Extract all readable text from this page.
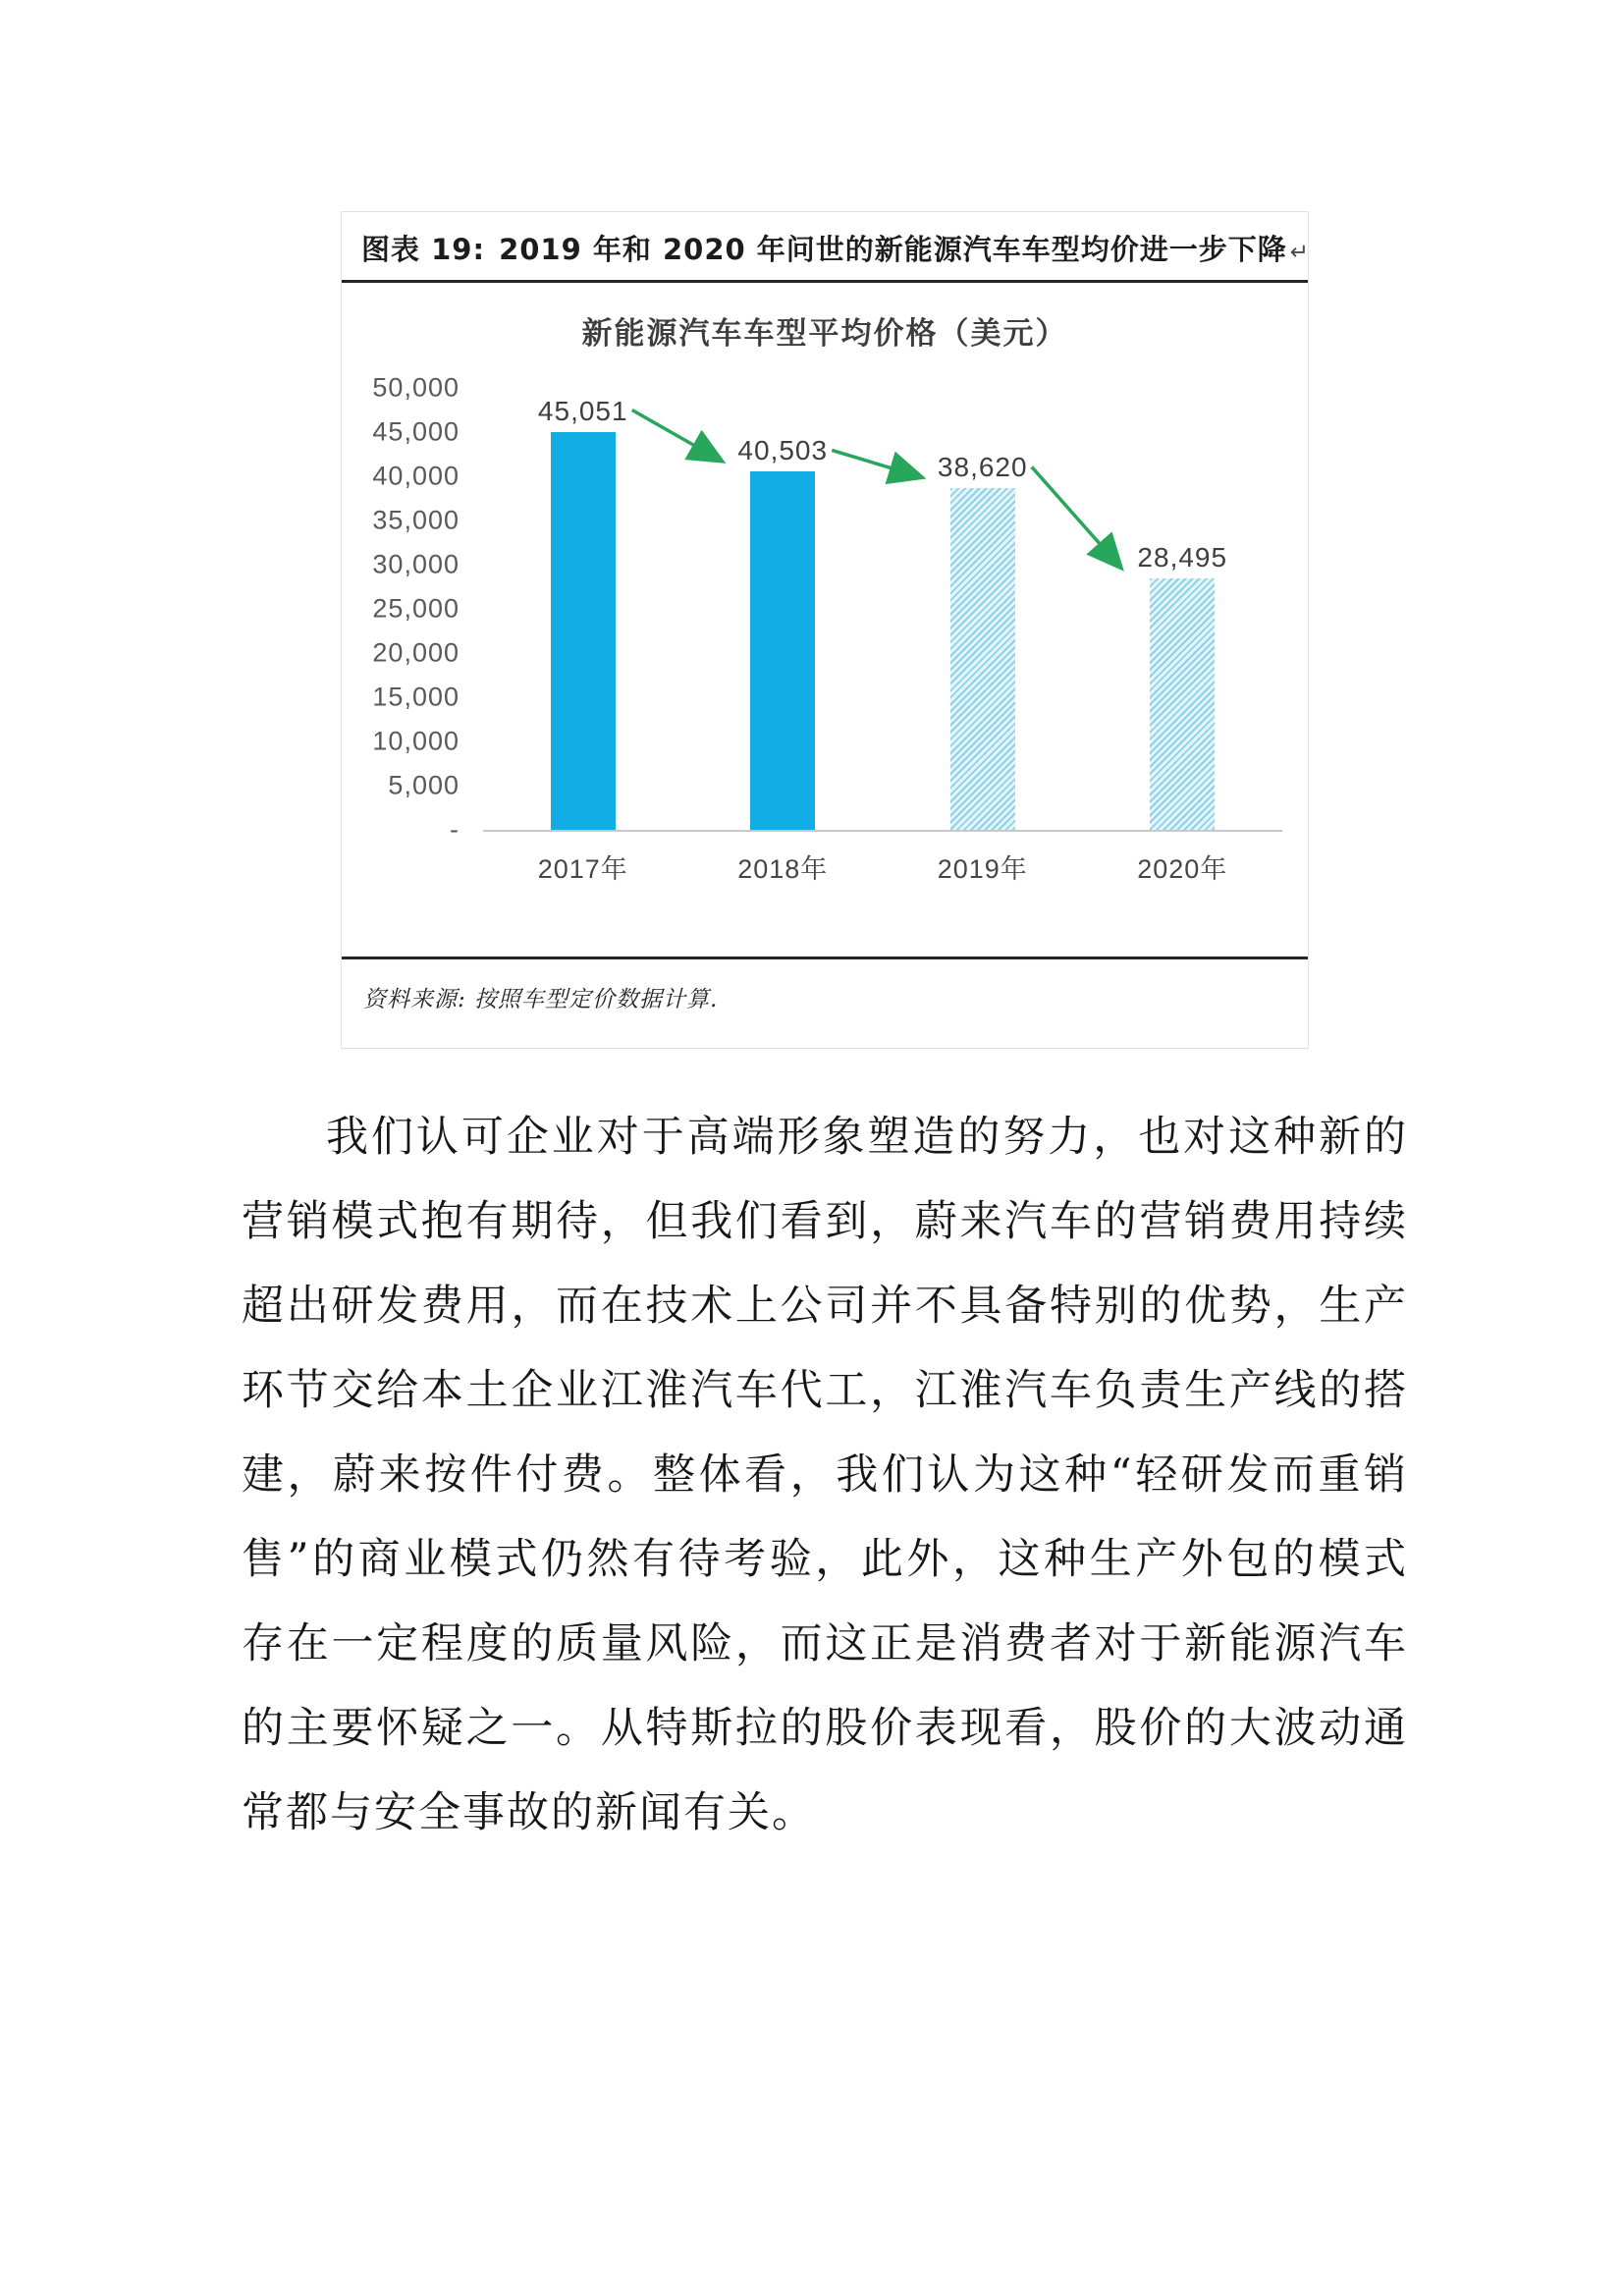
图表 19: 2019 年和 2020 年问世的新能源汽车车型均价进一步下降 ↵
新能源汽车车型平均价格（美元）
50,000
45,000
40,000
35,000
30,000
25,000
20,000
15,000
10,000
5,000
-
45,051
40,503
38,620
28,495
2017年	2018年	2019年	2020年
资料来源: 按照车型定价数据计算.

我们认可企业对于高端形象塑造的努力，也对这种新的营销模式抱有期待，但我们看到，蔚来汽车的营销费用持续超出研发费用，而在技术上公司并不具备特别的优势，生产环节交给本土企业江淮汽车代工，江淮汽车负责生产线的搭建，蔚来按件付费。整体看，我们认为这种“轻研发而重销售”的商业模式仍然有待考验，此外，这种生产外包的模式存在一定程度的质量风险，而这正是消费者对于新能源汽车的主要怀疑之一。从特斯拉的股价表现看，股价的大波动通常都与安全事故的新闻有关。
